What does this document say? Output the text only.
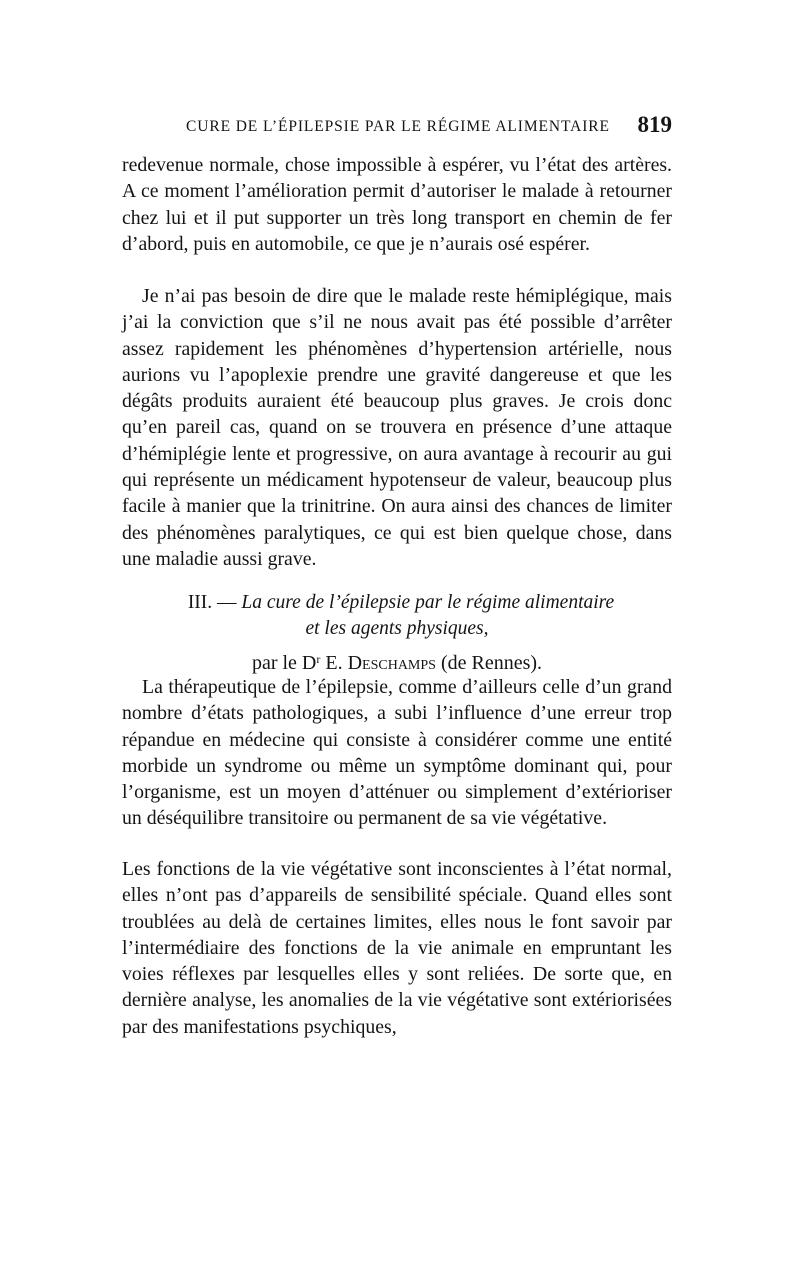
CURE DE L’ÉPILEPSIE PAR LE RÉGIME ALIMENTAIRE 819

redevenue normale, chose impossible à espérer, vu l’état des artères. A ce moment l’amélioration permit d’autoriser le malade à retourner chez lui et il put supporter un très long transport en chemin de fer d’abord, puis en automobile, ce que je n’aurais osé espérer.

Je n’ai pas besoin de dire que le malade reste hémiplégique, mais j’ai la conviction que s’il ne nous avait pas été possible d’arrêter assez rapidement les phénomènes d’hypertension artérielle, nous aurions vu l’apoplexie prendre une gravité dangereuse et que les dégâts produits auraient été beaucoup plus graves. Je crois donc qu’en pareil cas, quand on se trouvera en présence d’une attaque d’hémiplégie lente et progressive, on aura avantage à recourir au gui qui représente un médicament hypotenseur de valeur, beaucoup plus facile à manier que la trinitrine. On aura ainsi des chances de limiter des phénomènes paralytiques, ce qui est bien quelque chose, dans une maladie aussi grave.

III. — La cure de l’épilepsie par le régime alimentaire
et les agents physiques,
par le $D^r$ E. Deschamps (de Rennes).

La thérapeutique de l’épilepsie, comme d’ailleurs celle d’un grand nombre d’états pathologiques, a subi l’influence d’une erreur trop répandue en médecine qui consiste à considérer comme une entité morbide un syndrome ou même un symptôme dominant qui, pour l’organisme, est un moyen d’atténuer ou simplement d’extérioriser un déséquilibre transitoire ou permanent de sa vie végétative.

Les fonctions de la vie végétative sont inconscientes à l’état normal, elles n’ont pas d’appareils de sensibilité spéciale. Quand elles sont troublées au delà de certaines limites, elles nous le font savoir par l’intermédiaire des fonctions de la vie animale en empruntant les voies réflexes par lesquelles elles y sont reliées. De sorte que, en dernière analyse, les anomalies de la vie végétative sont extériorisées par des manifestations psychiques,
